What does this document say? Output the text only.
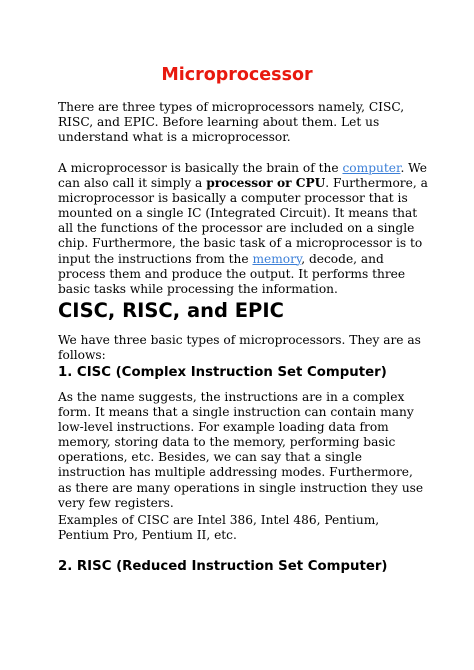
Microprocessor

There are three types of microprocessors namely, CISC, RISC, and EPIC. Before learning about them. Let us understand what is a microprocessor.

A microprocessor is basically the brain of the computer. We can also call it simply a processor or CPU. Furthermore, a microprocessor is basically a computer processor that is mounted on a single IC (Integrated Circuit). It means that all the functions of the processor are included on a single chip. Furthermore, the basic task of a microprocessor is to input the instructions from the memory, decode, and process them and produce the output. It performs three basic tasks while processing the information.

CISC, RISC, and EPIC

We have three basic types of microprocessors. They are as follows:

1. CISC (Complex Instruction Set Computer)

As the name suggests, the instructions are in a complex form. It means that a single instruction can contain many low-level instructions. For example loading data from memory, storing data to the memory, performing basic operations, etc. Besides, we can say that a single instruction has multiple addressing modes. Furthermore, as there are many operations in single instruction they use very few registers.

Examples of CISC are Intel 386, Intel 486, Pentium, Pentium Pro, Pentium II, etc.

2. RISC (Reduced Instruction Set Computer)
